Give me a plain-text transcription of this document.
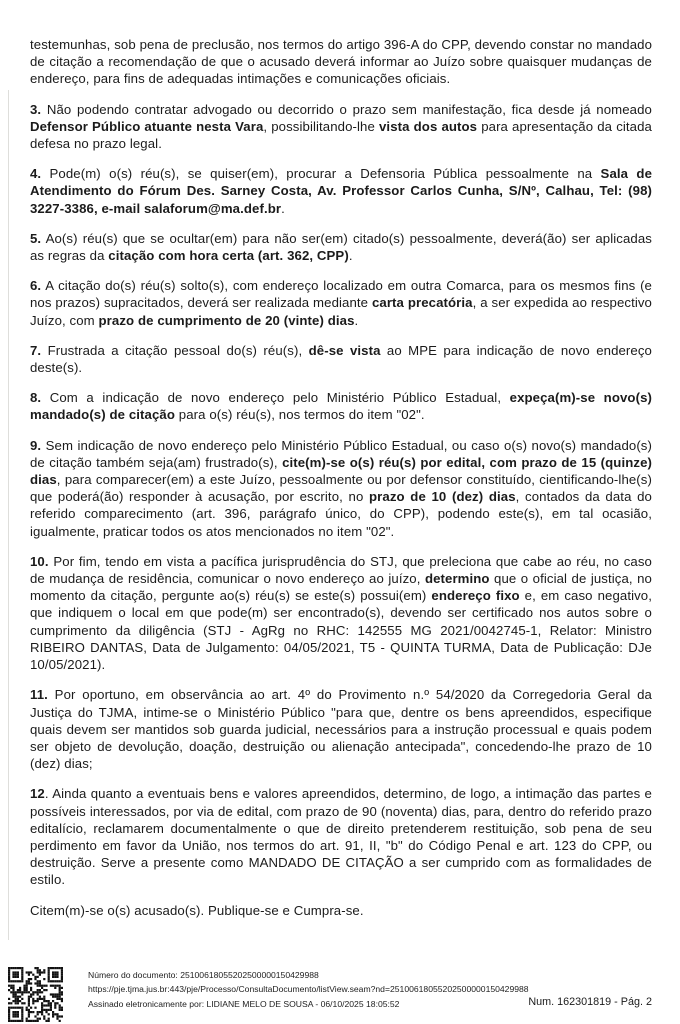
testemunhas, sob pena de preclusão, nos termos do artigo 396-A do CPP, devendo constar no mandado de citação a recomendação de que o acusado deverá informar ao Juízo sobre quaisquer mudanças de endereço, para fins de adequadas intimações e comunicações oficiais.

3. Não podendo contratar advogado ou decorrido o prazo sem manifestação, fica desde já nomeado Defensor Público atuante nesta Vara, possibilitando-lhe vista dos autos para apresentação da citada defesa no prazo legal.

4. Pode(m) o(s) réu(s), se quiser(em), procurar a Defensoria Pública pessoalmente na Sala de Atendimento do Fórum Des. Sarney Costa, Av. Professor Carlos Cunha, S/Nº, Calhau, Tel: (98) 3227-3386, e-mail salaforum@ma.def.br.

5. Ao(s) réu(s) que se ocultar(em) para não ser(em) citado(s) pessoalmente, deverá(ão) ser aplicadas as regras da citação com hora certa (art. 362, CPP).

6. A citação do(s) réu(s) solto(s), com endereço localizado em outra Comarca, para os mesmos fins (e nos prazos) supracitados, deverá ser realizada mediante carta precatória, a ser expedida ao respectivo Juízo, com prazo de cumprimento de 20 (vinte) dias.

7. Frustrada a citação pessoal do(s) réu(s), dê-se vista ao MPE para indicação de novo endereço deste(s).

8. Com a indicação de novo endereço pelo Ministério Público Estadual, expeça(m)-se novo(s) mandado(s) de citação para o(s) réu(s), nos termos do item "02".

9. Sem indicação de novo endereço pelo Ministério Público Estadual, ou caso o(s) novo(s) mandado(s) de citação também seja(am) frustrado(s), cite(m)-se o(s) réu(s) por edital, com prazo de 15 (quinze) dias, para comparecer(em) a este Juízo, pessoalmente ou por defensor constituído, cientificando-lhe(s) que poderá(ão) responder à acusação, por escrito, no prazo de 10 (dez) dias, contados da data do referido comparecimento (art. 396, parágrafo único, do CPP), podendo este(s), em tal ocasião, igualmente, praticar todos os atos mencionados no item "02".

10. Por fim, tendo em vista a pacífica jurisprudência do STJ, que preleciona que cabe ao réu, no caso de mudança de residência, comunicar o novo endereço ao juízo, determino que o oficial de justiça, no momento da citação, pergunte ao(s) réu(s) se este(s) possui(em) endereço fixo e, em caso negativo, que indiquem o local em que pode(m) ser encontrado(s), devendo ser certificado nos autos sobre o cumprimento da diligência (STJ - AgRg no RHC: 142555 MG 2021/0042745-1, Relator: Ministro RIBEIRO DANTAS, Data de Julgamento: 04/05/2021, T5 - QUINTA TURMA, Data de Publicação: DJe 10/05/2021).

11. Por oportuno, em observância ao art. 4º do Provimento n.º 54/2020 da Corregedoria Geral da Justiça do TJMA, intime-se o Ministério Público "para que, dentre os bens apreendidos, especifique quais devem ser mantidos sob guarda judicial, necessários para a instrução processual e quais podem ser objeto de devolução, doação, destruição ou alienação antecipada", concedendo-lhe prazo de 10 (dez) dias;

12. Ainda quanto a eventuais bens e valores apreendidos, determino, de logo, a intimação das partes e possíveis interessados, por via de edital, com prazo de 90 (noventa) dias, para, dentro do referido prazo editalício, reclamarem documentalmente o que de direito pretenderem restituição, sob pena de seu perdimento em favor da União, nos termos do art. 91, II, "b" do Código Penal e art. 123 do CPP, ou destruição. Serve a presente como MANDADO DE CITAÇÃO a ser cumprido com as formalidades de estilo.

Citem(m)-se o(s) acusado(s). Publique-se e Cumpra-se.

Número do documento: 25100618055202500000150429988
https://pje.tjma.jus.br:443/pje/Processo/ConsultaDocumento/listView.seam?nd=25100618055202500000150429988
Assinado eletronicamente por: LIDIANE MELO DE SOUSA - 06/10/2025 18:05:52	Num. 162301819 - Pág. 2
